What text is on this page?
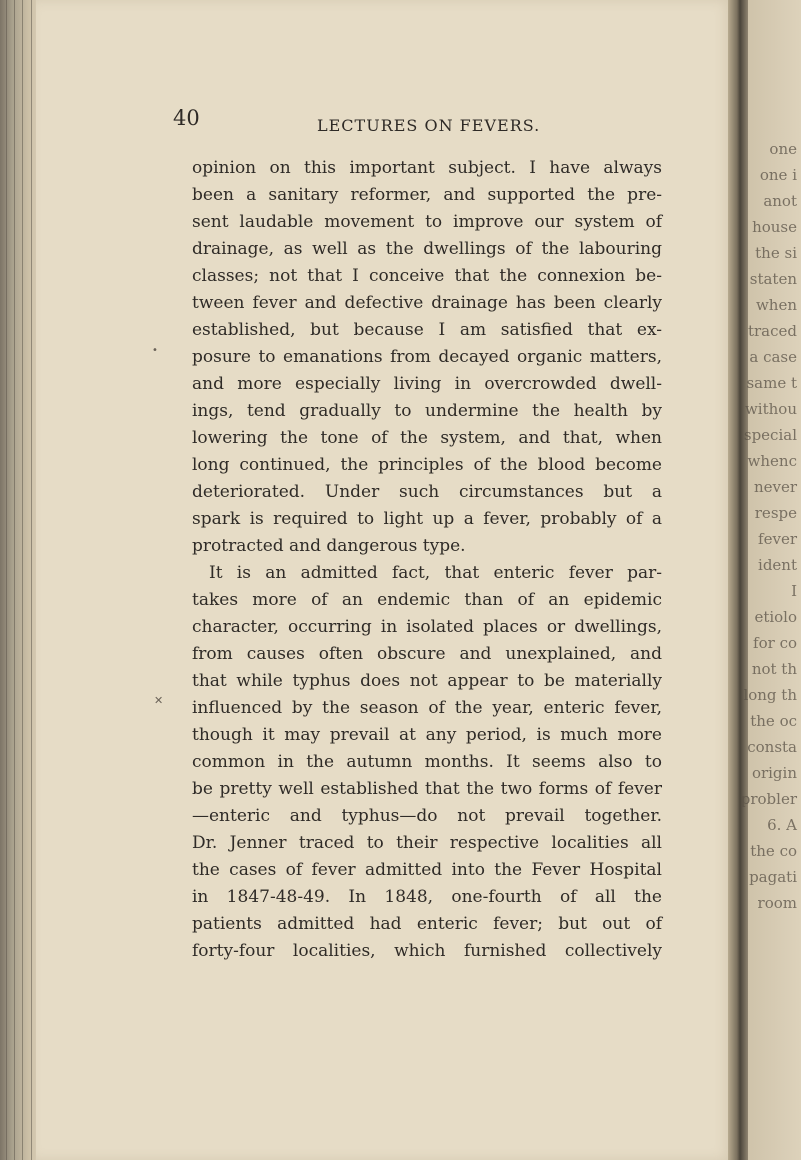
one
one i
anot
house
the si
staten
when
traced
a case
same t
withou
special
whenc
never
respe
fever
ident
I
etiolo
for co
not th
long th
the oc
consta
origin
probler
6. A
the co
pagati
room
40	LECTURES ON FEVERS.
•
✕
opinion on this important subject. I have always
been a sanitary reformer, and supported the pre-
sent laudable movement to improve our system of
drainage, as well as the dwellings of the labouring
classes; not that I conceive that the connexion be-
tween fever and defective drainage has been clearly
established, but because I am satisfied that ex-
posure to emanations from decayed organic matters,
and more especially living in overcrowded dwell-
ings, tend gradually to undermine the health by
lowering the tone of the system, and that, when
long continued, the principles of the blood become
deteriorated. Under such circumstances but a
spark is required to light up a fever, probably of a
protracted and dangerous type.
It is an admitted fact, that enteric fever par-
takes more of an endemic than of an epidemic
character, occurring in isolated places or dwellings,
from causes often obscure and unexplained, and
that while typhus does not appear to be materially
influenced by the season of the year, enteric fever,
though it may prevail at any period, is much more
common in the autumn months. It seems also to
be pretty well established that the two forms of fever
—enteric and typhus—do not prevail together.
Dr. Jenner traced to their respective localities all
the cases of fever admitted into the Fever Hospital
in 1847-48-49. In 1848, one-fourth of all the
patients admitted had enteric fever; but out of
forty-four localities, which furnished collectively
